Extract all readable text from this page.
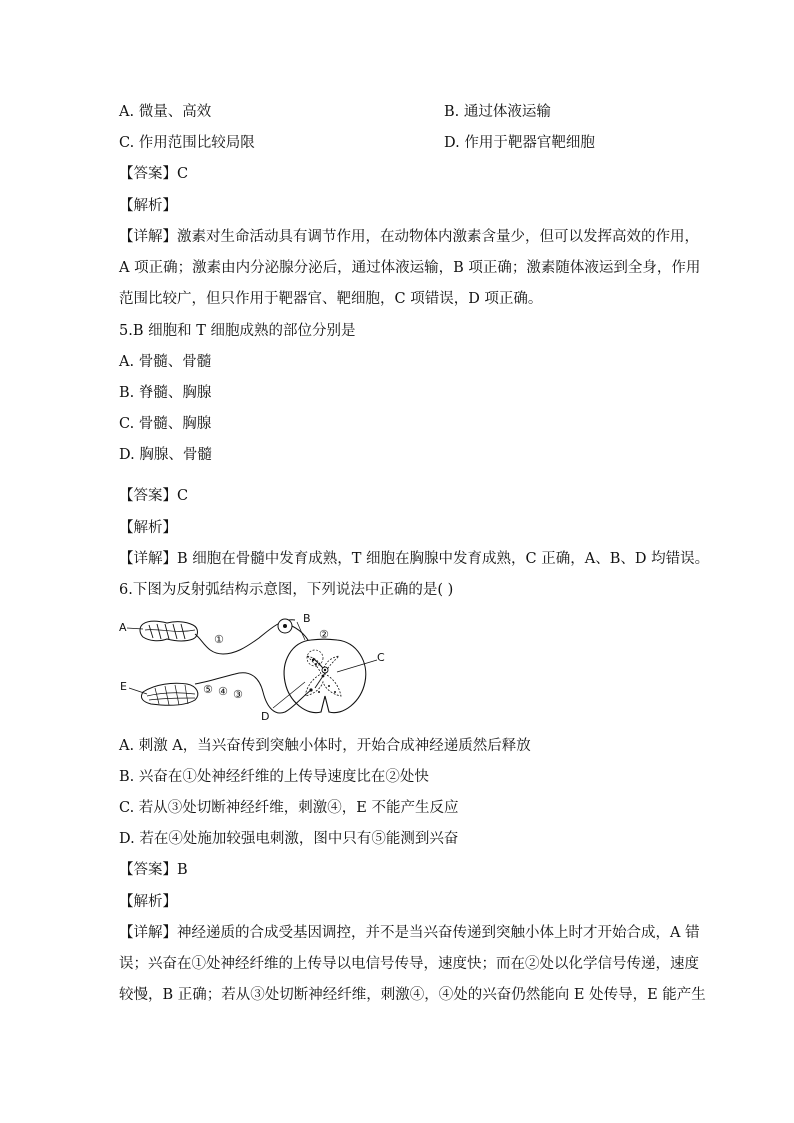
A. 微量、高效	B. 通过体液运输
C. 作用范围比较局限	D. 作用于靶器官靶细胞
【答案】C
【解析】
【详解】激素对生命活动具有调节作用，在动物体内激素含量少，但可以发挥高效的作用，
A 项正确；激素由内分泌腺分泌后，通过体液运输，B 项正确；激素随体液运到全身，作用
范围比较广，但只作用于靶器官、靶细胞，C 项错误，D 项正确。
5.B 细胞和 T 细胞成熟的部位分别是
A. 骨髓、骨髓
B. 脊髓、胸腺
C. 骨髓、胸腺
D. 胸腺、骨髓
【答案】C
【解析】
【详解】B 细胞在骨髓中发育成熟，T 细胞在胸腺中发育成熟，C 正确，A、B、D 均错误。
6.下图为反射弧结构示意图，下列说法中正确的是( )
A
①
B
②
C
⑤ ④ ③
D
E
A. 刺激 A，当兴奋传到突触小体时，开始合成神经递质然后释放
B. 兴奋在①处神经纤维的上传导速度比在②处快
C. 若从③处切断神经纤维，刺激④，E 不能产生反应
D. 若在④处施加较强电刺激，图中只有⑤能测到兴奋
【答案】B
【解析】
【详解】神经递质的合成受基因调控，并不是当兴奋传递到突触小体上时才开始合成，A 错
误；兴奋在①处神经纤维的上传导以电信号传导，速度快；而在②处以化学信号传递，速度
较慢，B 正确；若从③处切断神经纤维，刺激④，④处的兴奋仍然能向 E 处传导，E 能产生
